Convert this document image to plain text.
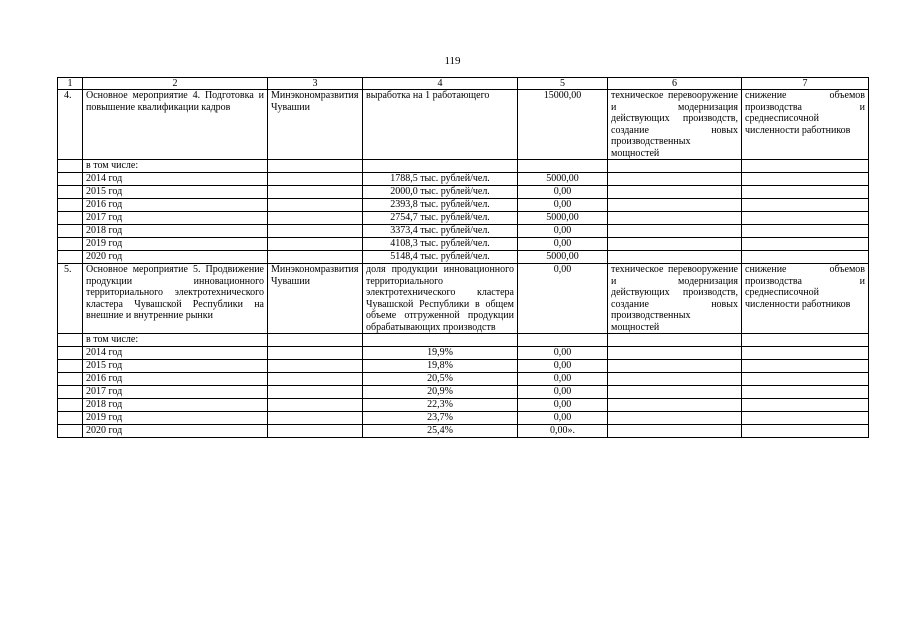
119
1	2	3	4	5	6	7
4.	Основное мероприятие 4. Подготовка и повышение квалификации кадров	Минэкономразвития Чувашии	выработка на 1 работающего	15000,00	техническое перевооружение и модернизация действующих производств, создание новых производственных мощностей	снижение объемов производства и среднесписочной численности работников
	в том числе:					
	2014 год		1788,5 тыс. рублей/чел.	5000,00		
	2015 год		2000,0 тыс. рублей/чел.	0,00		
	2016 год		2393,8 тыс. рублей/чел.	0,00		
	2017 год		2754,7 тыс. рублей/чел.	5000,00		
	2018 год		3373,4 тыс. рублей/чел.	0,00		
	2019 год		4108,3 тыс. рублей/чел.	0,00		
	2020 год		5148,4 тыс. рублей/чел.	5000,00		
5.	Основное мероприятие 5. Продвижение продукции инновационного территориального электротехнического кластера Чувашской Республики на внешние и внутренние рынки	Минэкономразвития Чувашии	доля продукции инновационного территориального электротехнического кластера Чувашской Республики в общем объеме отгруженной продукции обрабатывающих производств	0,00	техническое перевооружение и модернизация действующих производств, создание новых производственных мощностей	снижение объемов производства и среднесписочной численности работников
	в том числе:					
	2014 год		19,9%	0,00		
	2015 год		19,8%	0,00		
	2016 год		20,5%	0,00		
	2017 год		20,9%	0,00		
	2018 год		22,3%	0,00		
	2019 год		23,7%	0,00		
	2020 год		25,4%	0,00».		
